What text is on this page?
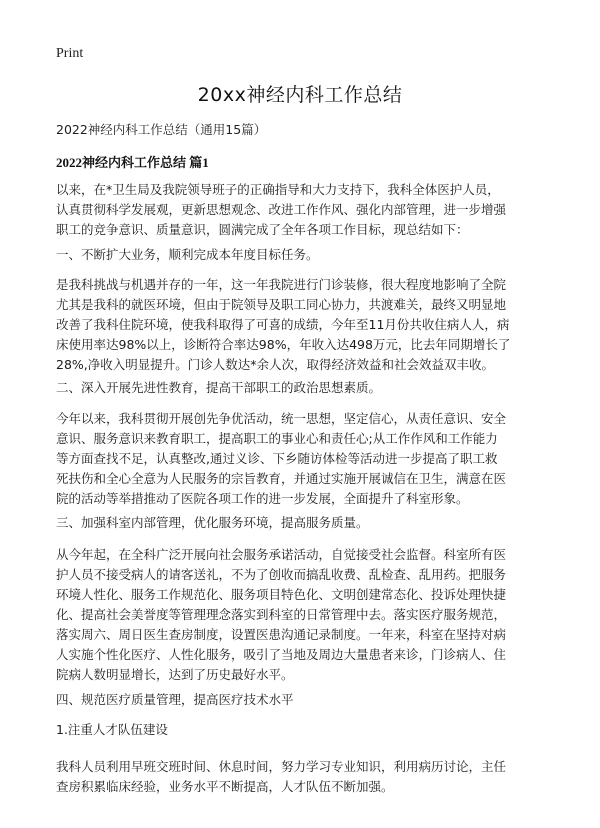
Print
20xx神经内科工作总结
2022神经内科工作总结（通用15篇）
2022神经内科工作总结 篇1
以来，在*卫生局及我院领导班子的正确指导和大力支持下，我科全体医护人员，
认真贯彻科学发展观，更新思想观念、改进工作作风、强化内部管理，进一步增强
职工的竞争意识、质量意识，圆满完成了全年各项工作目标，现总结如下：
一、不断扩大业务，顺利完成本年度目标任务。
是我科挑战与机遇并存的一年，这一年我院进行门诊装修，很大程度地影响了全院
尤其是我科的就医环境，但由于院领导及职工同心协力，共渡难关，最终又明显地
改善了我科住院环境，使我科取得了可喜的成绩，今年至11月份共收住病人人，病
床使用率达98%以上，诊断符合率达98%，年收入达498万元，比去年同期增长了
28%,净收入明显提升。门诊人数达*余人次，取得经济效益和社会效益双丰收。
二、深入开展先进性教育，提高干部职工的政治思想素质。
今年以来，我科贯彻开展创先争优活动，统一思想，坚定信心，从责任意识、安全
意识、服务意识来教育职工，提高职工的事业心和责任心;从工作作风和工作能力
等方面查找不足，认真整改,通过义诊、下乡随访体检等活动进一步提高了职工救
死扶伤和全心全意为人民服务的宗旨教育，并通过实施开展诚信在卫生，满意在医
院的活动等举措推动了医院各项工作的进一步发展，全面提升了科室形象。
三、加强科室内部管理，优化服务环境，提高服务质量。
从今年起，在全科广泛开展向社会服务承诺活动，自觉接受社会监督。科室所有医
护人员不接受病人的请客送礼，不为了创收而搞乱收费、乱检查、乱用药。把服务
环境人性化、服务工作规范化、服务项目特色化、文明创建常态化、投诉处理快捷
化、提高社会美誉度等管理理念落实到科室的日常管理中去。落实医疗服务规范，
落实周六、周日医生查房制度，设置医患沟通记录制度。一年来，科室在坚持对病
人实施个性化医疗、人性化服务，吸引了当地及周边大量患者来诊，门诊病人、住
院病人数明显增长，达到了历史最好水平。
四、规范医疗质量管理，提高医疗技术水平
1.注重人才队伍建设
我科人员利用早班交班时间、休息时间，努力学习专业知识，利用病历讨论，主任
查房积累临床经验，业务水平不断提高，人才队伍不断加强。
